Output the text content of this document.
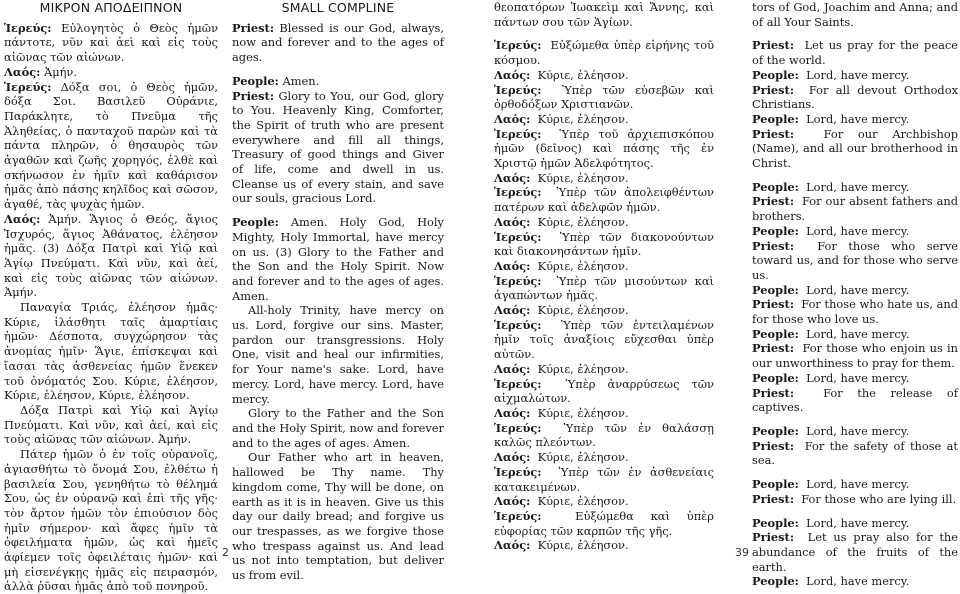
ΜΙΚΡΟΝ ΑΠΟΔΕΙΠΝΟΝ

Ἱερεύς: Εὐλογητὸς ὁ Θεὸς ἡμῶν πάντοτε, νῦν καὶ ἀεὶ καὶ εἰς τοὺς αἰῶνας τῶν αἰώνων.

Λαός: Ἀμήν.

Ἱερεύς: Δόξα σοι, ὁ Θεὸς ἡμῶν, δόξα Σοι. Βασιλεῦ Οὐράνιε, Παράκλητε, τὸ Πνεῦμα τῆς Ἀληθείας, ὁ πανταχοῦ παρὼν καὶ τὰ πάντα πληρῶν, ὁ θησαυρὸς τῶν ἀγαθῶν καὶ ζωῆς χορηγός, ἐλθὲ καὶ σκήνωσον ἐν ἡμῖν καὶ καθάρισον ἡμᾶς ἀπὸ πάσης κηλῖδος καὶ σῶσον, ἀγαθέ, τὰς ψυχὰς ἡμῶν.

Λαός: Ἀμήν. Ἅγιος ὁ Θεός, ἅγιος Ἰσχυρός, ἅγιος Ἀθάνατος, ἐλέησον ἡμᾶς. (3) Δόξα Πατρὶ καὶ Υἱῷ καὶ Ἁγίῳ Πνεύματι. Καὶ νῦν, καὶ ἀεί, καὶ εἰς τοὺς αἰῶνας τῶν αἰώνων. Ἀμήν.

Παναγία Τριάς, ἐλέησον ἡμᾶς· Κύριε, ἱλάσθητι ταῖς ἁμαρτίαις ἡμῶν· Δέσποτα, συγχώρησον τὰς ἀνομίας ἡμῖν· Ἅγιε, ἐπίσκεψαι καὶ ἴασαι τὰς ἀσθενείας ἡμῶν ἕνεκεν τοῦ ὀνόματός Σου. Κύριε, ἐλέησον, Κύριε, ἐλέησον, Κύριε, ἐλέησον.

Δόξα Πατρὶ καὶ Υἱῷ καὶ Ἁγίῳ Πνεύματι. Καὶ νῦν, καὶ ἀεί, καὶ εἰς τοὺς αἰῶνας τῶν αἰώνων. Ἀμήν.

Πάτερ ἡμῶν ὁ ἐν τοῖς οὐρανοῖς, ἁγιασθήτω τὸ ὄνομά Σου, ἐλθέτω ἡ βασιλεία Σου, γενηθήτω τὸ θέλημά Σου, ὡς ἐν οὐρανῷ καὶ ἐπὶ τῆς γῆς· τὸν ἄρτον ἡμῶν τὸν ἐπιούσιον δὸς ἡμῖν σήμερον· καὶ ἄφες ἡμῖν τὰ ὀφειλήματα ἡμῶν, ὡς καὶ ἡμεῖς ἀφίεμεν τοῖς ὀφειλέταις ἡμῶν· καὶ μὴ εἰσενέγκῃς ἡμᾶς εἰς πειρασμόν, ἀλλὰ ῥῦσαι ἡμᾶς ἀπὸ τοῦ πονηροῦ.

SMALL COMPLINE

Priest: Blessed is our God, always, now and forever and to the ages of ages.

People: Amen.

Priest: Glory to You, our God, glory to You. Heavenly King, Comforter, the Spirit of truth who are present everywhere and fill all things, Treasury of good things and Giver of life, come and dwell in us. Cleanse us of every stain, and save our souls, gracious Lord.

People: Amen. Holy God, Holy Mighty, Holy Immortal, have mercy on us. (3) Glory to the Father and the Son and the Holy Spirit. Now and forever and to the ages of ages. Amen.

All-holy Trinity, have mercy on us. Lord, forgive our sins. Master, pardon our transgressions. Holy One, visit and heal our infirmities, for Your name's sake. Lord, have mercy. Lord, have mercy. Lord, have mercy.

Glory to the Father and the Son and the Holy Spirit, now and forever and to the ages of ages. Amen.

Our Father who art in heaven, hallowed be Thy name. Thy kingdom come, Thy will be done, on earth as it is in heaven. Give us this day our daily bread; and forgive us our trespasses, as we forgive those who trespass against us. And lead us not into temptation, but deliver us from evil.

θεοπατόρων Ἰωακεὶμ καὶ Ἄννης, καὶ πάντων σου τῶν Ἁγίων.

Ἱερεύς: Εὐξώμεθα ὑπὲρ εἰρήνης τοῦ κόσμου.

Λαός: Κύριε, ἐλέησον.

Ἱερεύς: Ὑπὲρ τῶν εὐσεβῶν καὶ ὀρθοδόξων Χριστιανῶν.

Λαός: Κύριε, ἐλέησον.

Ἱερεύς: Ὑπὲρ τοῦ ἀρχιεπισκόπου ἡμῶν (δεῖνος) καὶ πάσης τῆς ἐν Χριστῷ ἡμῶν Ἀδελφότητος.

Λαός: Κύριε, ἐλέησον.

Ἱερεύς: Ὑπὲρ τῶν ἀπολειφθέντων πατέρων καὶ ἀδελφῶν ἡμῶν.

Λαός: Κύριε, ἐλέησον.

Ἱερεύς: Ὑπὲρ τῶν διακονούντων καὶ διακονησάντων ἡμῖν.

Λαός: Κύριε, ἐλέησον.

Ἱερεύς: Ὑπὲρ τῶν μισούντων καὶ ἀγαπώντων ἡμᾶς.

Λαός: Κύριε, ἐλέησον.

Ἱερεύς: Ὑπὲρ τῶν ἐντειλαμένων ἡμῖν τοῖς ἀναξίοις εὔχεσθαι ὑπὲρ αὐτῶν.

Λαός: Κύριε, ἐλέησον.

Ἱερεύς: Ὑπὲρ ἀναρρύσεως τῶν αἰχμαλώτων.

Λαός: Κύριε, ἐλέησον.

Ἱερεύς: Ὑπὲρ τῶν ἐν θαλάσσῃ καλῶς πλεόντων.

Λαός: Κύριε, ἐλέησον.

Ἱερεύς: Ὑπὲρ τῶν ἐν ἀσθενείαις κατακειμένων.

Λαός: Κύριε, ἐλέησον.

Ἱερεύς:	Εὐξώμεθα καὶ ὑπὲρ εὐφορίας τῶν καρπῶν τῆς γῆς.

Λαός: Κύριε, ἐλέησον.

tors of God, Joachim and Anna; and of all Your Saints.

Priest: Let us pray for the peace of the world.

People: Lord, have mercy.

Priest: For all devout Orthodox Christians.

People: Lord, have mercy.

Priest:	For our Archbishop (Name), and all our brotherhood in Christ.

People: Lord, have mercy.

Priest: For our absent fathers and brothers.

People: Lord, have mercy.

Priest: For those who serve toward us, and for those who serve us.

People: Lord, have mercy.

Priest: For those who hate us, and for those who love us.

People: Lord, have mercy.

Priest: For those who enjoin us in our unworthiness to pray for them.

People: Lord, have mercy.

Priest:	For the release of captives.

People: Lord, have mercy.

Priest: For the safety of those at sea.

People: Lord, have mercy.

Priest: For those who are lying ill.

People: Lord, have mercy.

Priest: Let us pray also for the abundance of the fruits of the earth.

People: Lord, have mercy.

2	39
